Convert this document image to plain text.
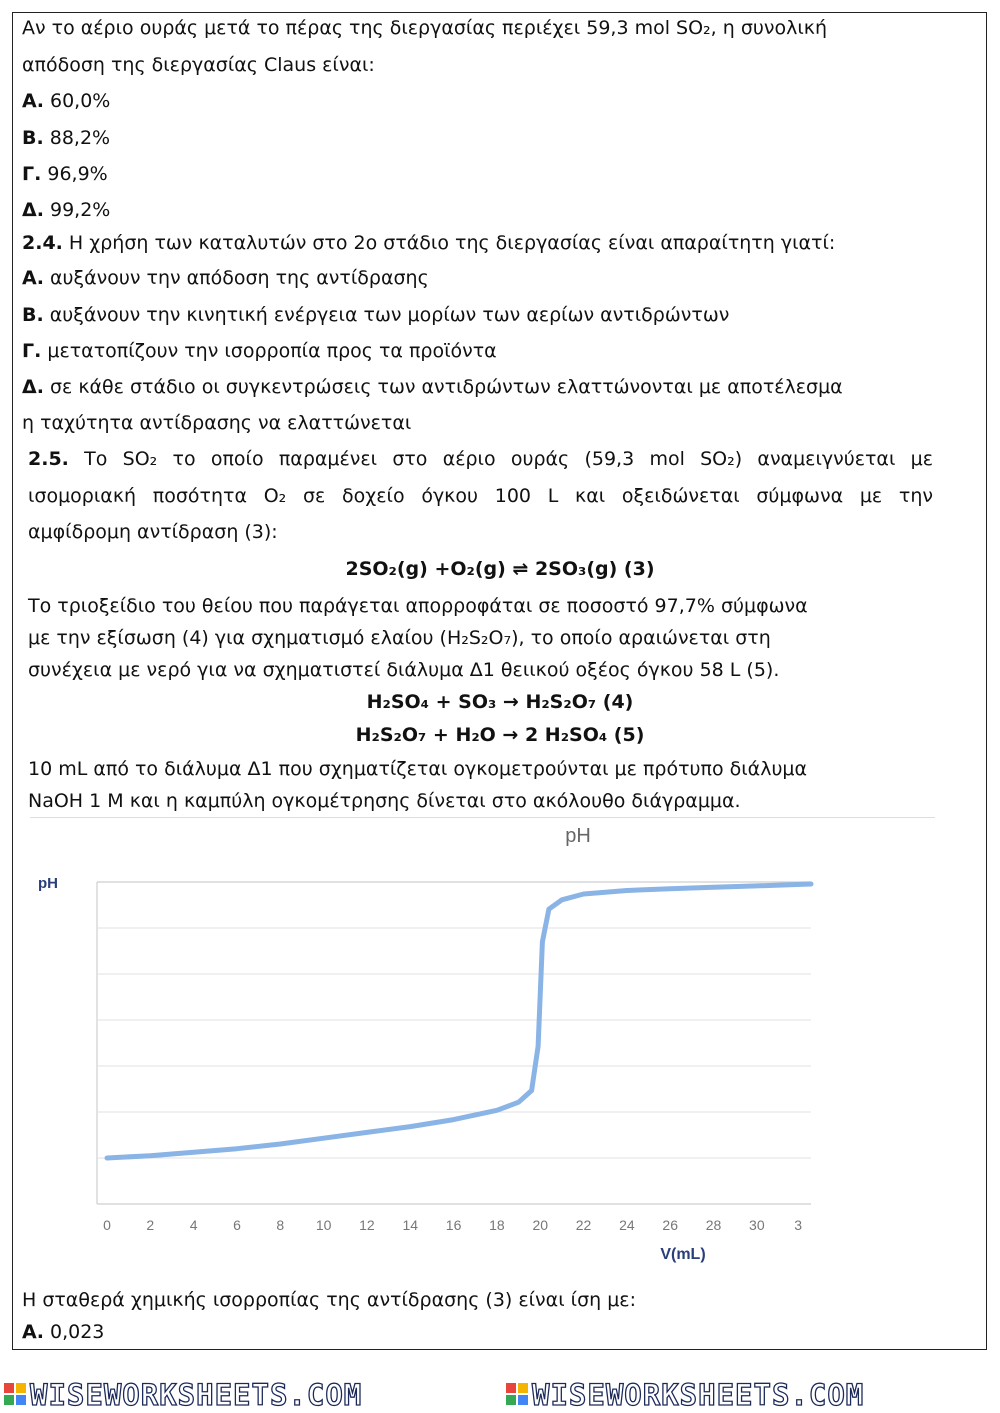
Αν το αέριο ουράς μετά το πέρας της διεργασίας περιέχει 59,3 mol SO₂, η συνολική
απόδοση της διεργασίας Claus είναι:
Α. 60,0%
Β. 88,2%
Γ. 96,9%
Δ. 99,2%
2.4. Η χρήση των καταλυτών στο 2ο στάδιο της διεργασίας είναι απαραίτητη γιατί:
Α. αυξάνουν την απόδοση της αντίδρασης
Β. αυξάνουν την κινητική ενέργεια των μορίων των αερίων αντιδρώντων
Γ. μετατοπίζουν την ισορροπία προς τα προϊόντα
Δ. σε κάθε στάδιο οι συγκεντρώσεις των αντιδρώντων ελαττώνονται με αποτέλεσμα
η ταχύτητα αντίδρασης να ελαττώνεται
2.5. Το SO₂ το οποίο παραμένει στο αέριο ουράς (59,3 mol SO₂) αναμειγνύεται με
ισομοριακή ποσότητα O₂ σε δοχείο όγκου 100 L και οξειδώνεται σύμφωνα με την
αμφίδρομη αντίδραση (3):
2SO₂(g) +O₂(g) ⇌ 2SO₃(g) (3)
Το τριοξείδιο του θείου που παράγεται απορροφάται σε ποσοστό 97,7% σύμφωνα
με την εξίσωση (4) για σχηματισμό ελαίου (H₂S₂O₇), το οποίο αραιώνεται στη
συνέχεια με νερό για να σχηματιστεί διάλυμα Δ1 θειικού οξέος όγκου 58 L (5).
H₂SO₄ + SO₃ → H₂S₂O₇ (4)
H₂S₂O₇ + H₂O → 2 H₂SO₄ (5)
10 mL από το διάλυμα Δ1 που σχηματίζεται ογκομετρούνται με πρότυπο διάλυμα
NaOH 1 M και η καμπύλη ογκομέτρησης δίνεται στο ακόλουθο διάγραμμα.
pH
pH
V(mL)
0	2	4	6	8 10 12 14 16 18 20 22 24 26 28 30 3
Η σταθερά χημικής ισορροπίας της αντίδρασης (3) είναι ίση με:
Α. 0,023
WISEWORKSHEETS.COM	WISEWORKSHEETS.COM
